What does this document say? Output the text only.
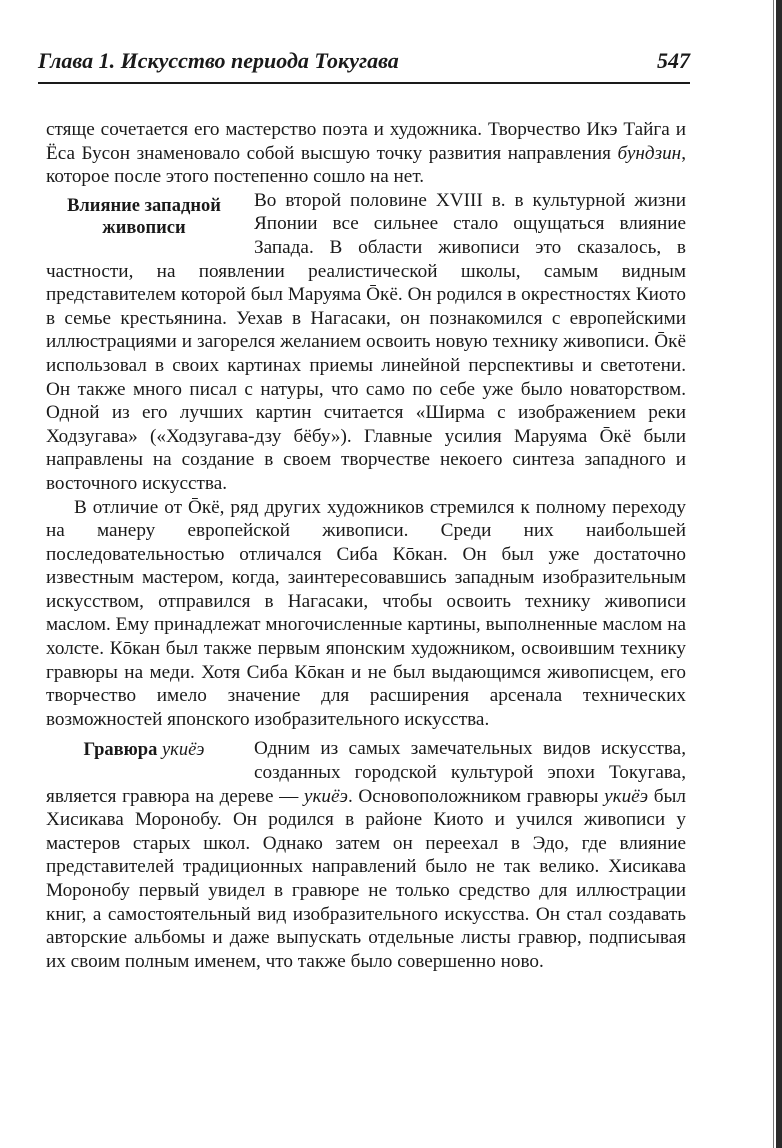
Глава 1. Искусство периода Токугава	547

стяще сочетается его мастерство поэта и художника. Творчество Икэ Тайга и Ёса Бусон знаменовало собой высшую точку развития направления бундзин, которое после этого постепенно сошло на нет.

Влияние западной живописи
Во второй половине XVIII в. в культурной жизни Японии все сильнее стало ощущаться влияние Запада. В области живописи это сказалось, в частности, на появлении реалистической школы, самым видным представителем которой был Маруяма Ōкё. Он родился в окрестностях Киото в семье крестьянина. Уехав в Нагасаки, он познакомился с европейскими иллюстрациями и загорелся желанием освоить новую технику живописи. Ōкё использовал в своих картинах приемы линейной перспективы и светотени. Он также много писал с натуры, что само по себе уже было новаторством. Одной из его лучших картин считается «Ширма с изображением реки Ходзугава» («Ходзугава-дзу бёбу»). Главные усилия Маруяма Ōкё были направлены на создание в своем творчестве некоего синтеза западного и восточного искусства.

В отличие от Ōкё, ряд других художников стремился к полному переходу на манеру европейской живописи. Среди них наибольшей последовательностью отличался Сиба Кōкан. Он был уже достаточно известным мастером, когда, заинтересовавшись западным изобразительным искусством, отправился в Нагасаки, чтобы освоить технику живописи маслом. Ему принадлежат многочисленные картины, выполненные маслом на холсте. Кōкан был также первым японским художником, освоившим технику гравюры на меди. Хотя Сиба Кōкан и не был выдающимся живописцем, его творчество имело значение для расширения арсенала технических возможностей японского изобразительного искусства.

Гравюра укиёэ	Одним из самых замечательных видов искусства, созданных городской культурой эпохи Токугава, является гравюра на дереве — укиёэ. Основоположником гравюры укиёэ был Хисикава Моронобу. Он родился в районе Киото и учился живописи у мастеров старых школ. Однако затем он переехал в Эдо, где влияние представителей традиционных направлений было не так велико. Хисикава Моронобу первый увидел в гравюре не только средство для иллюстрации книг, а самостоятельный вид изобразительного искусства. Он стал создавать авторские альбомы и даже выпускать отдельные листы гравюр, подписывая их своим полным именем, что также было совершенно ново.
